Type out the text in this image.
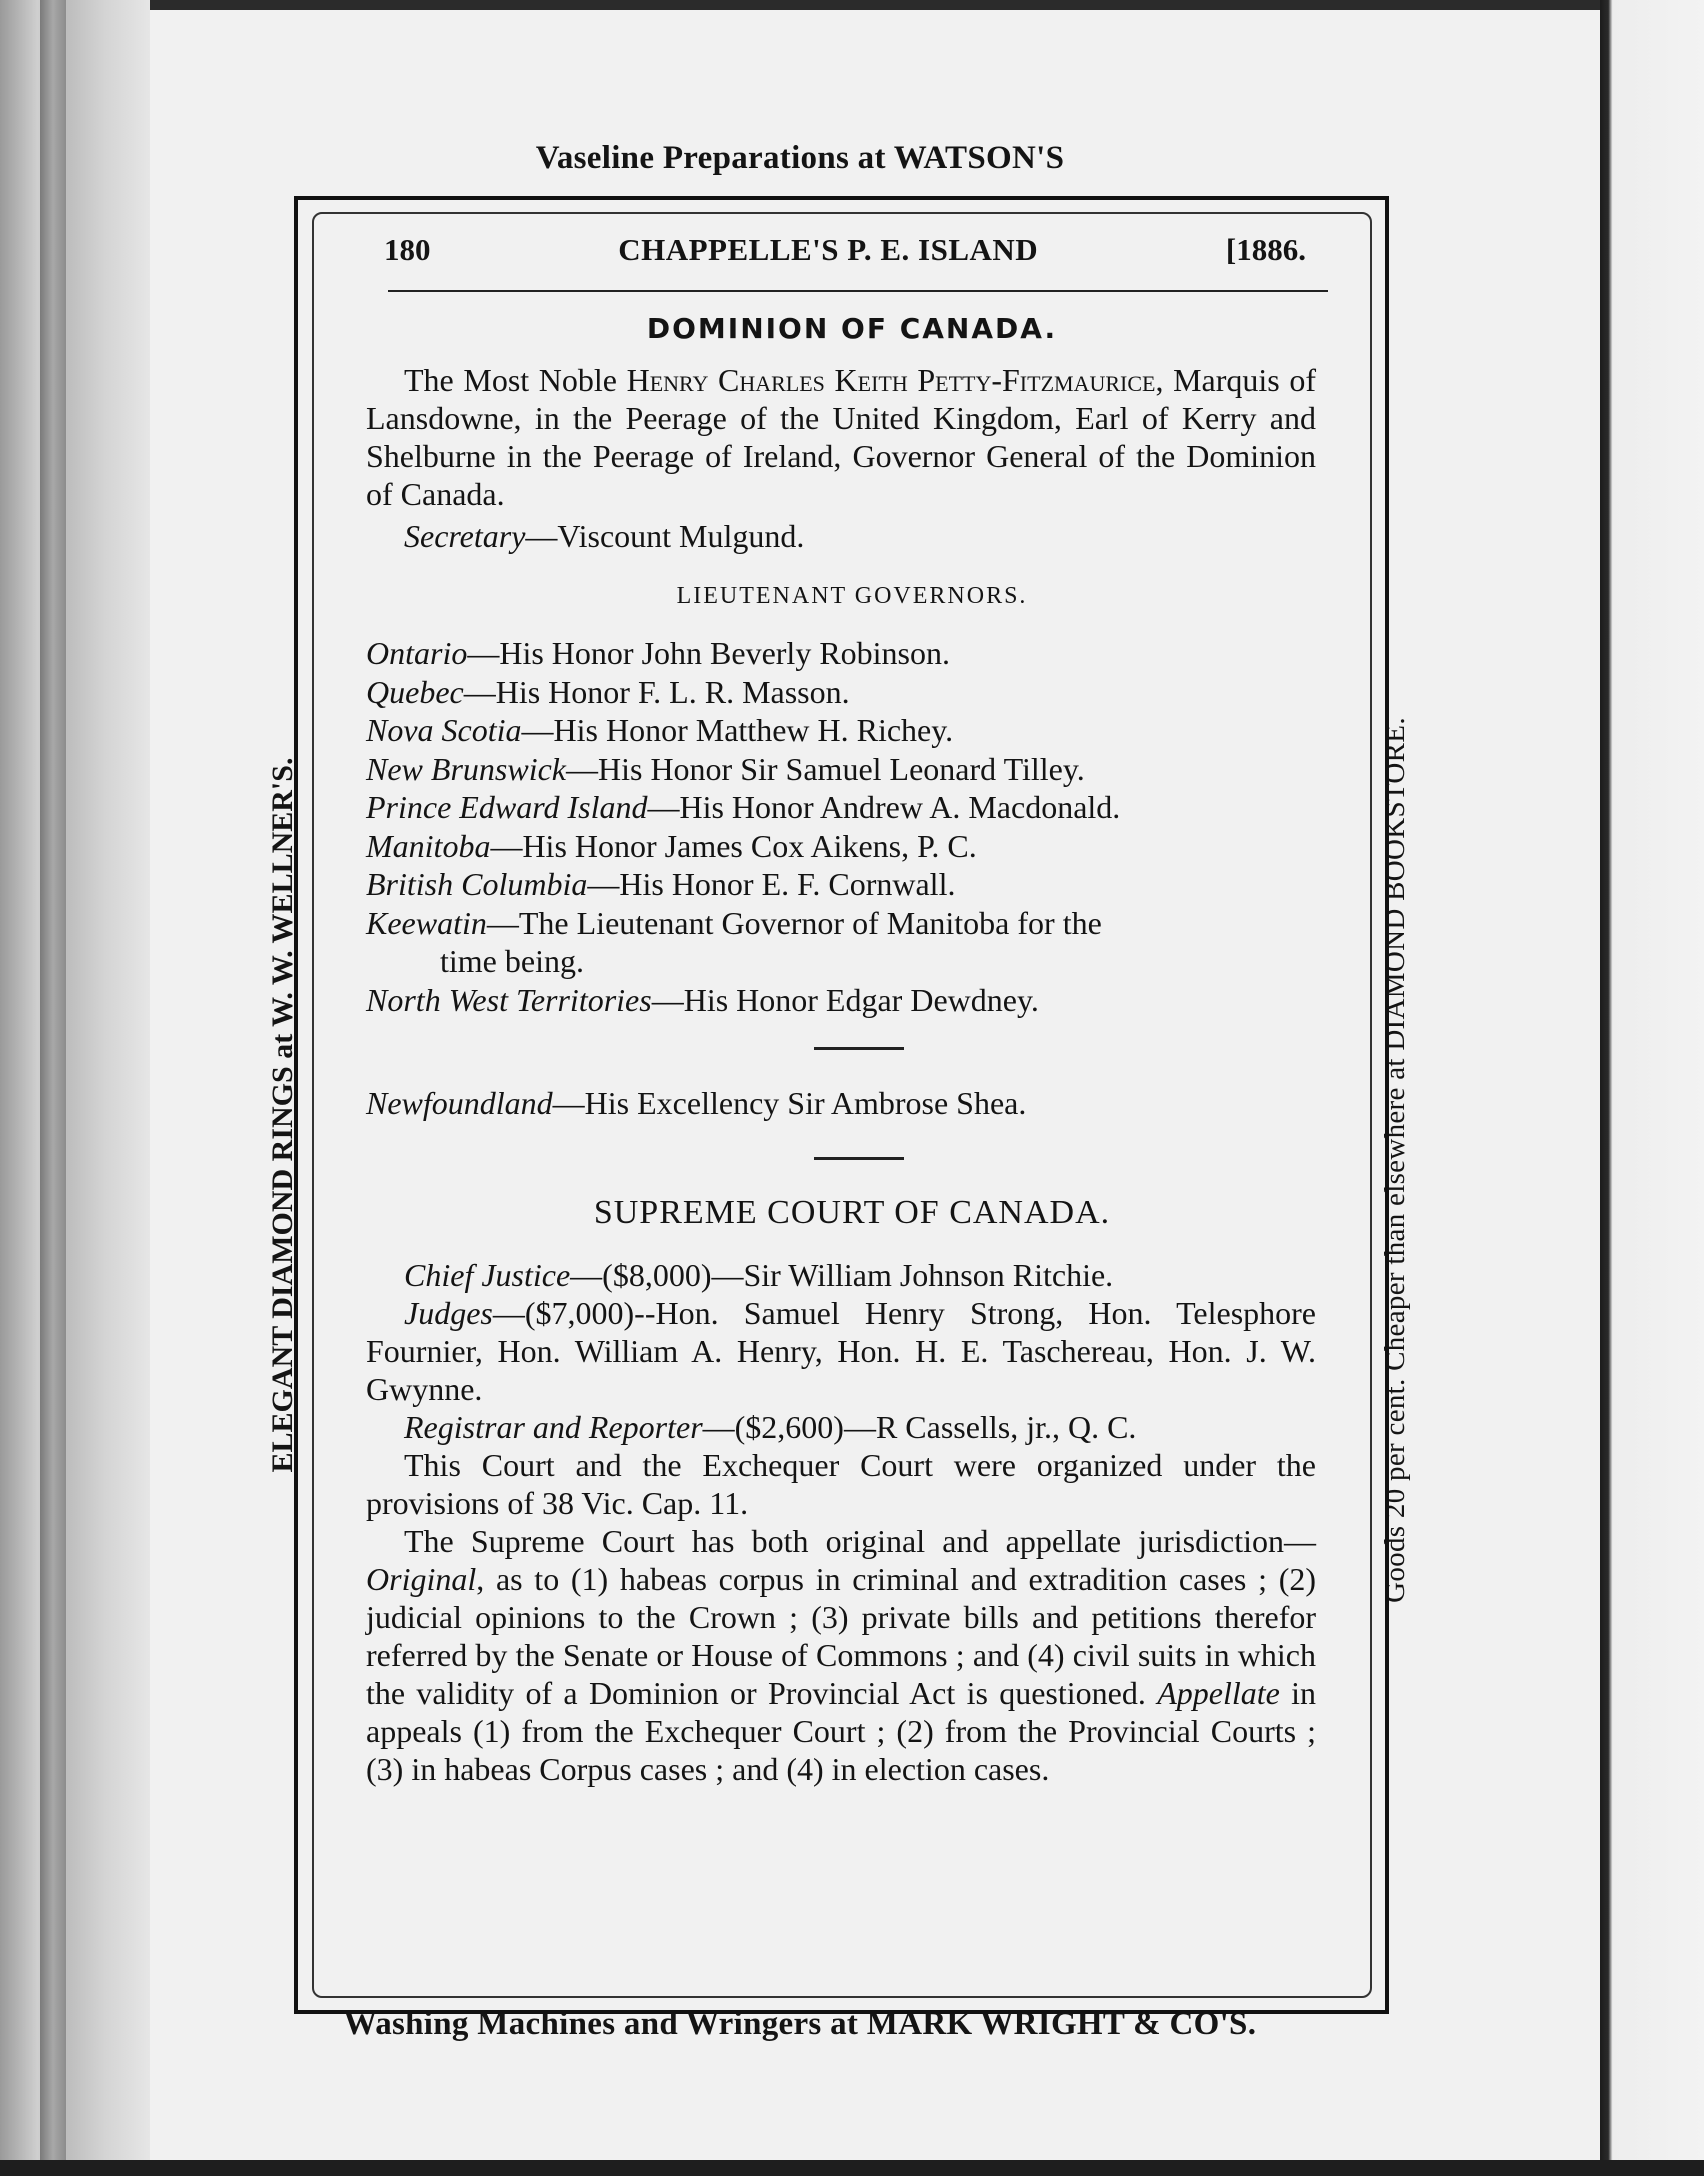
Vaseline Preparations at WATSON'S
Washing Machines and Wringers at MARK WRIGHT & CO'S.
ELEGANT DIAMOND RINGS at W. W. WELLNER'S.	Goods 20 per cent. Cheaper than elsewhere at DIAMOND BOOKSTORE.
180	CHAPPELLE'S P. E. ISLAND	[1886.
DOMINION OF CANADA.

The Most Noble Henry Charles Keith Petty-Fitzmaurice, Marquis of Lansdowne, in the Peerage of the United Kingdom, Earl of Kerry and Shelburne in the Peerage of Ireland, Governor General of the Dominion of Canada.

Secretary—Viscount Mulgund.

LIEUTENANT GOVERNORS.
Ontario—His Honor John Beverly Robinson.
Quebec—His Honor F. L. R. Masson.
Nova Scotia—His Honor Matthew H. Richey.
New Brunswick—His Honor Sir Samuel Leonard Tilley.
Prince Edward Island—His Honor Andrew A. Macdonald.
Manitoba—His Honor James Cox Aikens, P. C.
British Columbia—His Honor E. F. Cornwall.
Keewatin—The Lieutenant Governor of Manitoba for the
time being.
North West Territories—His Honor Edgar Dewdney.
Newfoundland—His Excellency Sir Ambrose Shea.
SUPREME COURT OF CANADA.

Chief Justice—($8,000)—Sir William Johnson Ritchie.

Judges—($7,000)--Hon. Samuel Henry Strong, Hon. Telesphore Fournier, Hon. William A. Henry, Hon. H. E. Taschereau, Hon. J. W. Gwynne.

Registrar and Reporter—($2,600)—R Cassells, jr., Q. C.

This Court and the Exchequer Court were organized under the provisions of 38 Vic. Cap. 11.

The Supreme Court has both original and appellate jurisdiction—Original, as to (1) habeas corpus in criminal and extradition cases ; (2) judicial opinions to the Crown ; (3) private bills and petitions therefor referred by the Senate or House of Commons ; and (4) civil suits in which the validity of a Dominion or Provincial Act is questioned. Appellate in appeals (1) from the Exchequer Court ; (2) from the Provincial Courts ; (3) in habeas Corpus cases ; and (4) in election cases.
